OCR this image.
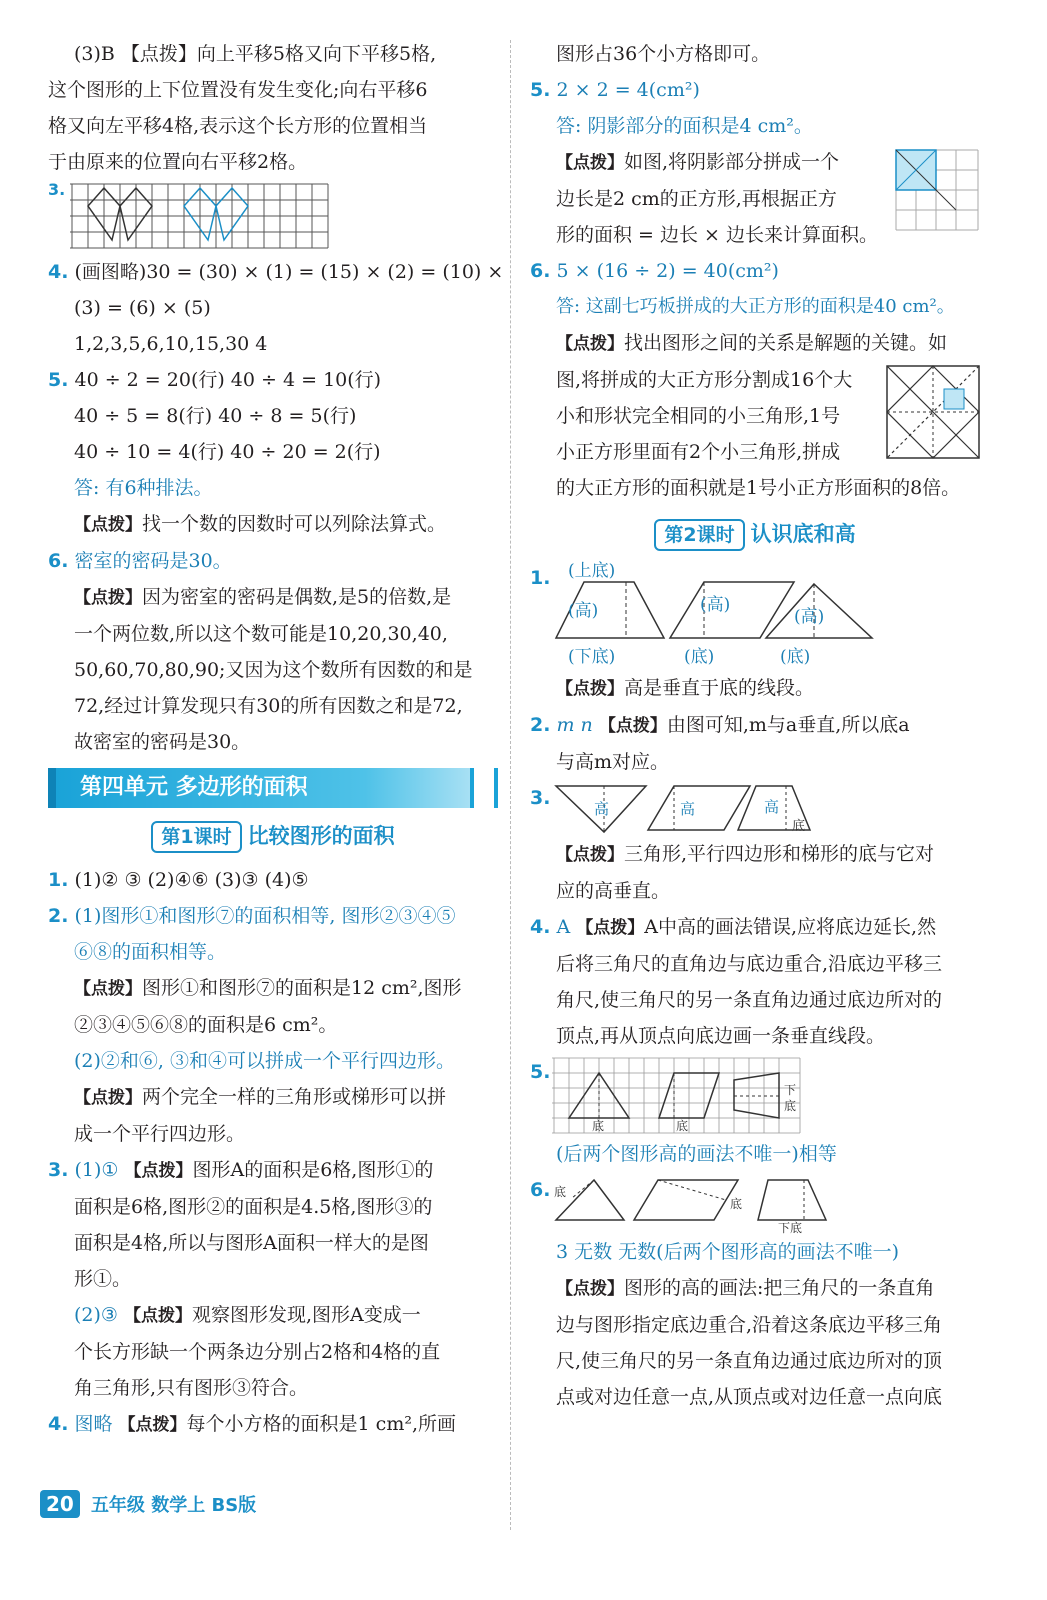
(3)B 【点拨】向上平移5格又向下平移5格,
这个图形的上下位置没有发生变化;向右平移6
格又向左平移4格,表示这个长方形的位置相当
于由原来的位置向右平移2格。
3.
4. (画图略)30 = (30) × (1) = (15) × (2) = (10) ×
(3) = (6) × (5)
1,2,3,5,6,10,15,30 4
5. 40 ÷ 2 = 20(行) 40 ÷ 4 = 10(行)
40 ÷ 5 = 8(行) 40 ÷ 8 = 5(行)
40 ÷ 10 = 4(行) 40 ÷ 20 = 2(行)
答: 有6种排法。
【点拨】找一个数的因数时可以列除法算式。
6. 密室的密码是30。
【点拨】因为密室的密码是偶数,是5的倍数,是
一个两位数,所以这个数可能是10,20,30,40,
50,60,70,80,90;又因为这个数所有因数的和是
72,经过计算发现只有30的所有因数之和是72,
故密室的密码是30。
第四单元 多边形的面积
第1课时 比较图形的面积
1. (1)② ③ (2)④⑥ (3)③ (4)⑤
2. (1)图形①和图形⑦的面积相等, 图形②③④⑤
⑥⑧的面积相等。
【点拨】图形①和图形⑦的面积是12 cm²,图形
②③④⑤⑥⑧的面积是6 cm²。
(2)②和⑥, ③和④可以拼成一个平行四边形。
【点拨】两个完全一样的三角形或梯形可以拼
成一个平行四边形。
3. (1)① 【点拨】图形A的面积是6格,图形①的
面积是6格,图形②的面积是4.5格,图形③的
面积是4格,所以与图形A面积一样大的是图
形①。
(2)③ 【点拨】观察图形发现,图形A变成一
个长方形缺一个两条边分别占2格和4格的直
角三角形,只有图形③符合。
4. 图略 【点拨】每个小方格的面积是1 cm²,所画
图形占36个小方格即可。
5. 2 × 2 = 4(cm²)
答: 阴影部分的面积是4 cm²。
【点拨】如图,将阴影部分拼成一个
边长是2 cm的正方形,再根据正方
形的面积 = 边长 × 边长来计算面积。
6. 5 × (16 ÷ 2) = 40(cm²)
答: 这副七巧板拼成的大正方形的面积是40 cm²。
【点拨】找出图形之间的关系是解题的关键。如
图,将拼成的大正方形分割成16个大
小和形状完全相同的小三角形,1号
小正方形里面有2个小三角形,拼成
的大正方形的面积就是1号小正方形面积的8倍。
第2课时 认识底和高
1. (上底)
(高)	(高)
(高)
(下底)	(底)	(底)
【点拨】高是垂直于底的线段。
2. m n 【点拨】由图可知,m与a垂直,所以底a
与高m对应。
3.	高	高	高
底
【点拨】三角形,平行四边形和梯形的底与它对
应的高垂直。
4. A 【点拨】A中高的画法错误,应将底边延长,然
后将三角尺的直角边与底边重合,沿底边平移三
角尺,使三角尺的另一条直角边通过底边所对的
顶点,再从顶点向底边画一条垂直线段。
5.
底	底
下
底
(后两个图形高的画法不唯一)相等
6. 底
底
下底
3 无数 无数(后两个图形高的画法不唯一)
【点拨】图形的高的画法:把三角尺的一条直角
边与图形指定底边重合,沿着这条底边平移三角
尺,使三角尺的另一条直角边通过底边所对的顶
点或对边任意一点,从顶点或对边任意一点向底
20 五年级 数学上 BS版
